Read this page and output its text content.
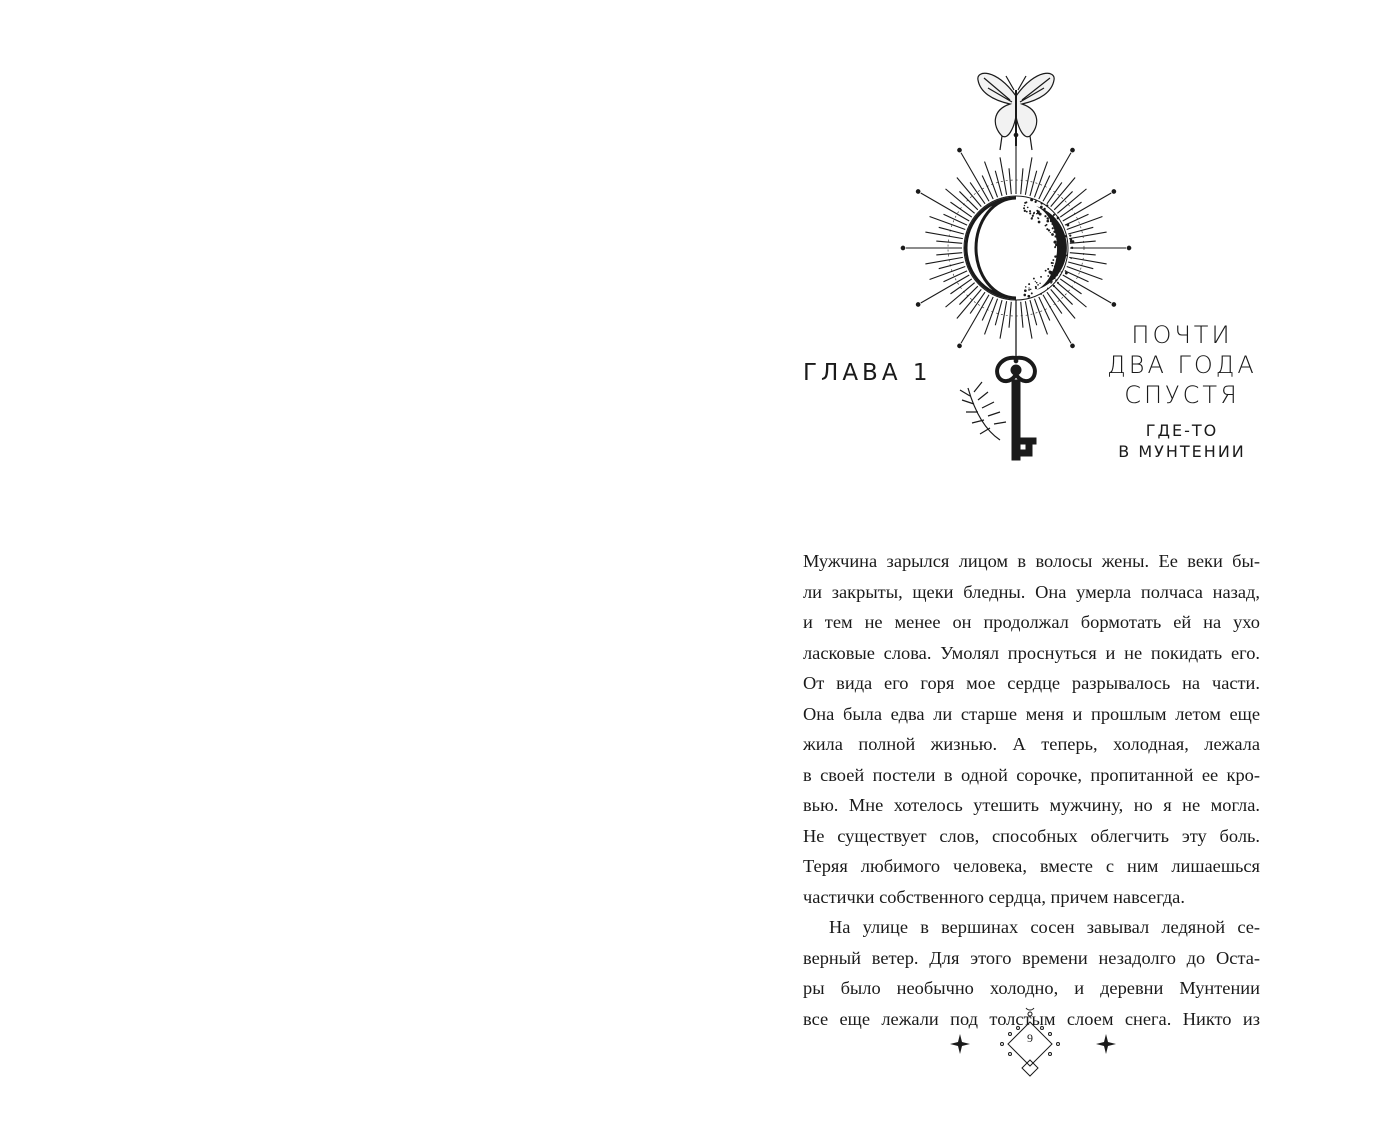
ГЛАВА 1
ПОЧТИ
ДВА ГОДА
СПУСТЯ
ГДЕ-ТО
В МУНТЕНИИ
Мужчина зарылся лицом в волосы жены. Ее веки бы-
ли закрыты, щеки бледны. Она умерла полчаса назад,
и тем не менее он продолжал бормотать ей на ухо
ласковые слова. Умолял проснуться и не покидать его.
От вида его горя мое сердце разрывалось на части.
Она была едва ли старше меня и прошлым летом еще
жила полной жизнью. А теперь, холодная, лежала
в своей постели в одной сорочке, пропитанной ее кро-
вью. Мне хотелось утешить мужчину, но я не могла.
Не существует слов, способных облегчить эту боль.
Теряя любимого человека, вместе с ним лишаешься
частички собственного сердца, причем навсегда.
На улице в вершинах сосен завывал ледяной се-
верный ветер. Для этого времени незадолго до Оста-
ры было необычно холодно, и деревни Мунтении
все еще лежали под толстым слоем снега. Никто из
9
